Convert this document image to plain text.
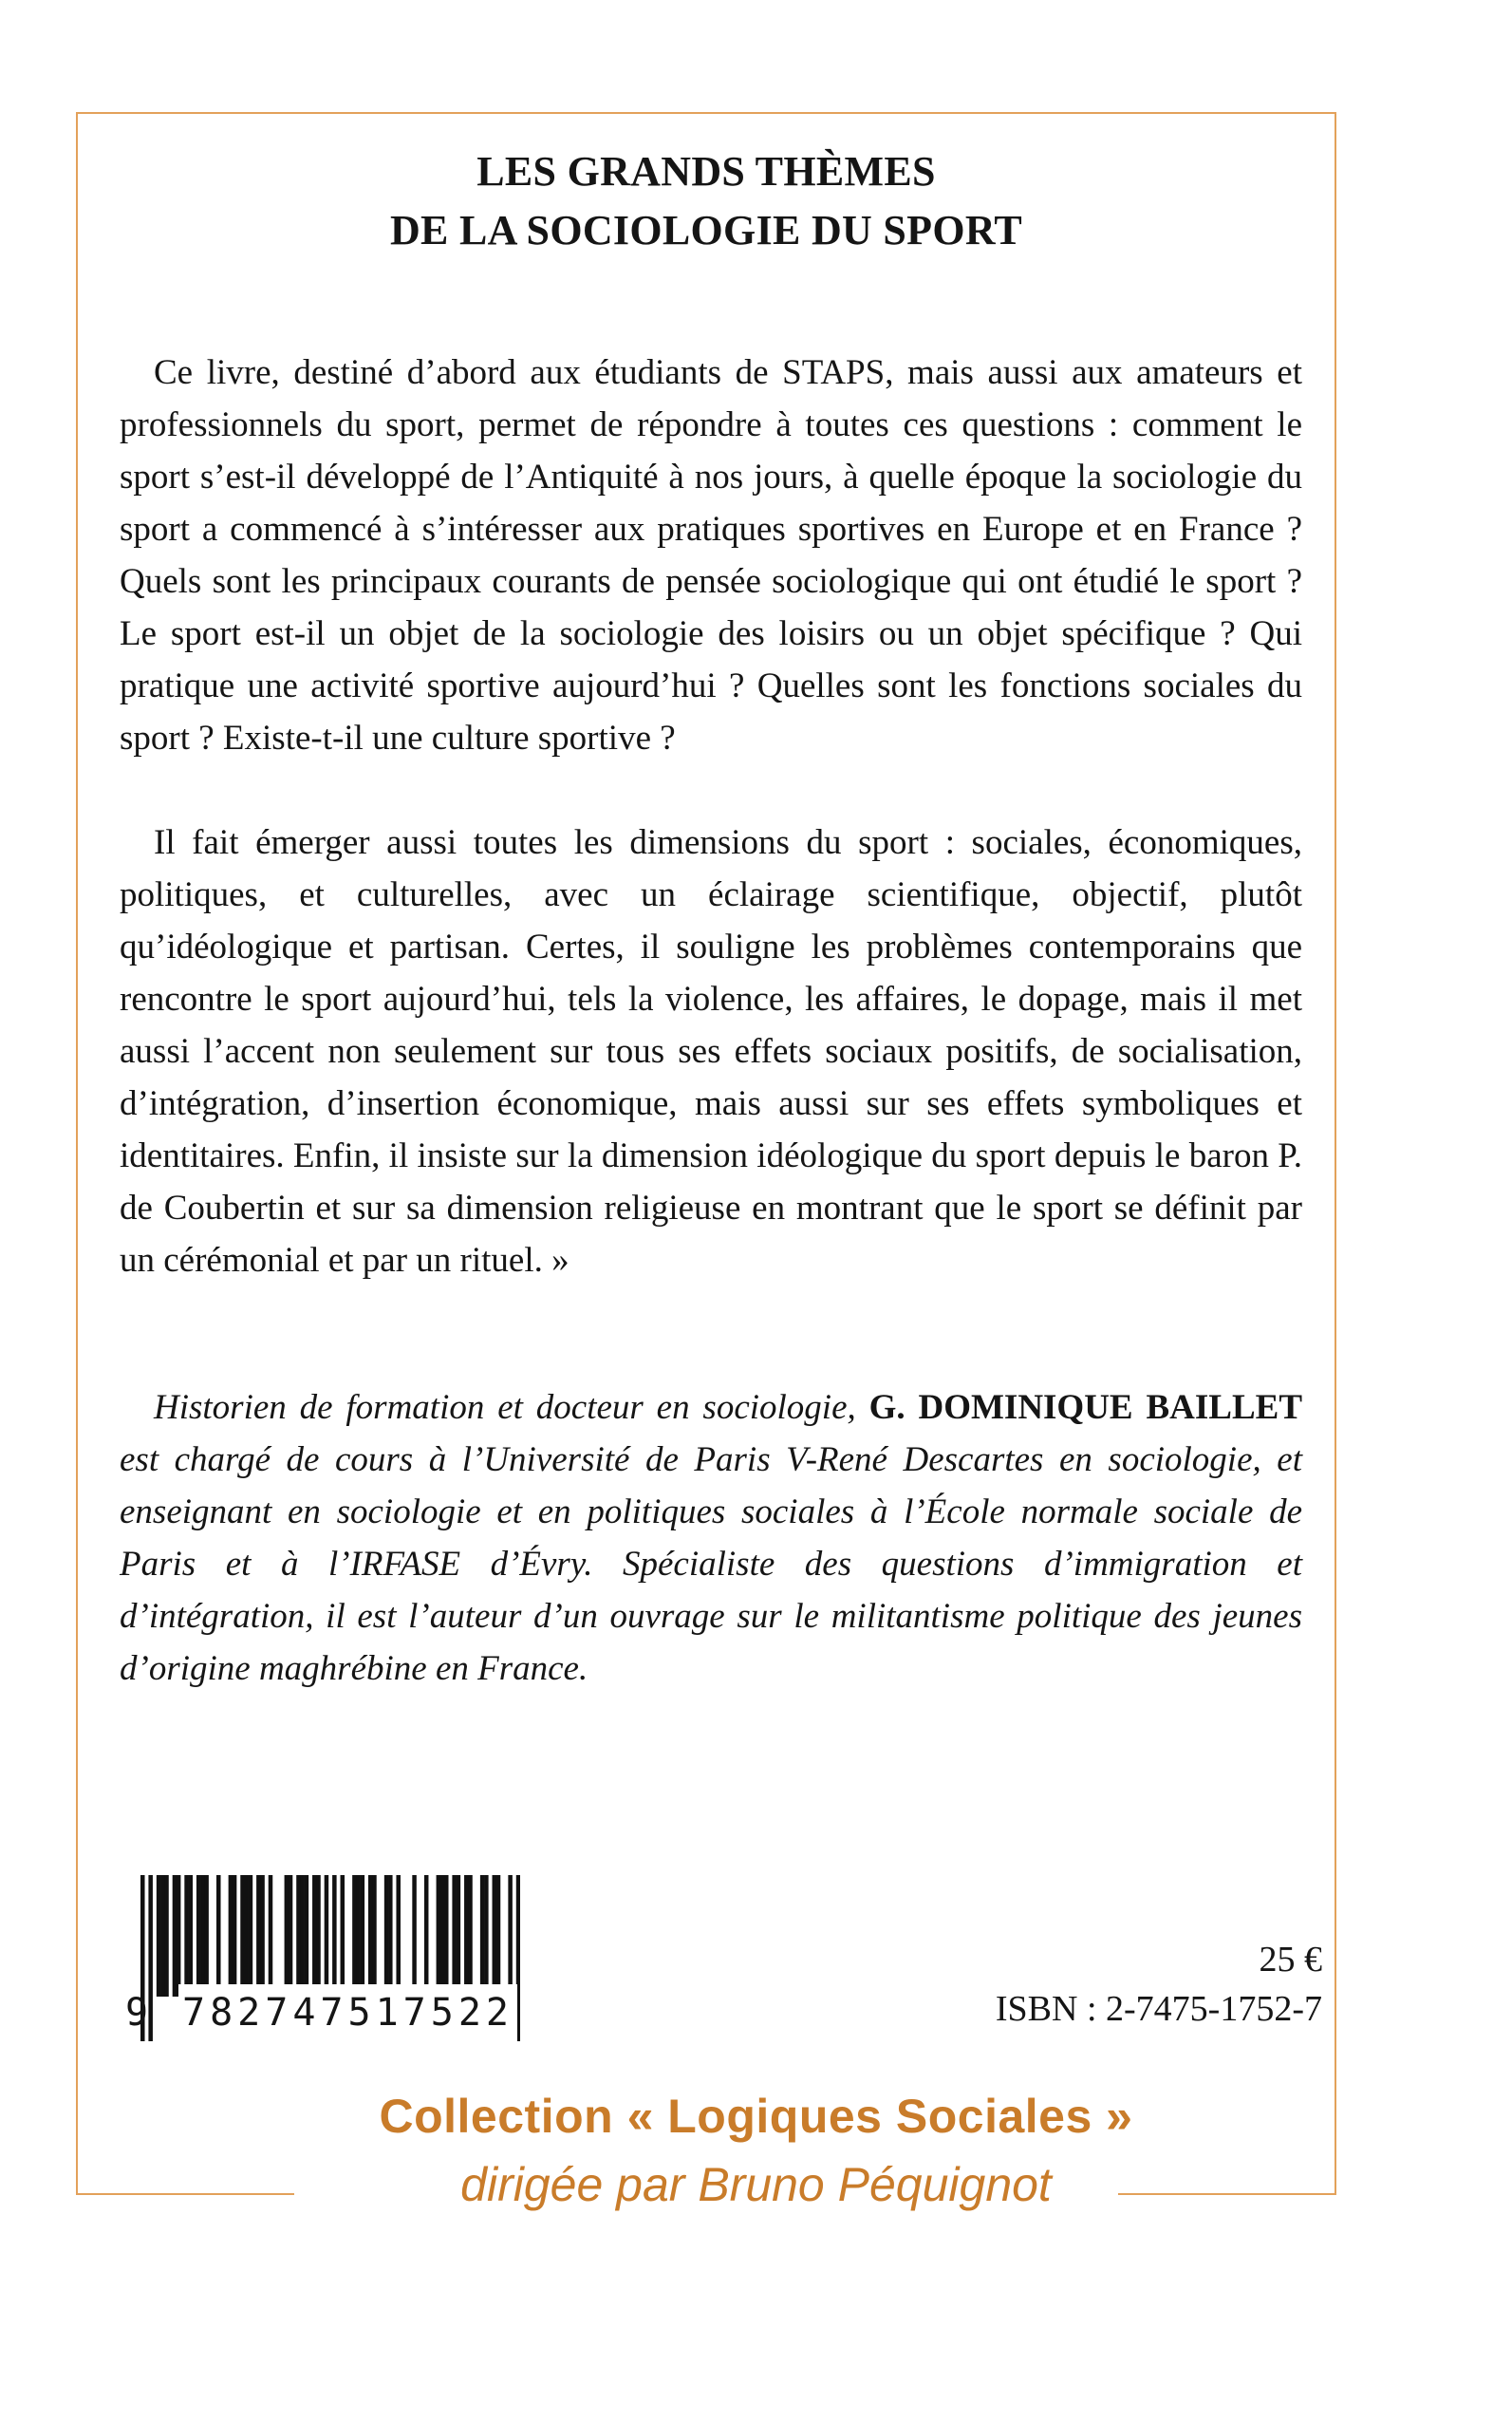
LES GRANDS THÈMES
DE LA SOCIOLOGIE DU SPORT

Ce livre, destiné d’abord aux étudiants de STAPS, mais aussi aux amateurs et professionnels du sport, permet de répondre à toutes ces questions : comment le sport s’est-il développé de l’Antiquité à nos jours, à quelle époque la sociologie du sport a commencé à s’intéresser aux pratiques sportives en Europe et en France ? Quels sont les principaux courants de pensée sociologique qui ont étudié le sport ? Le sport est-il un objet de la sociologie des loisirs ou un objet spécifique ? Qui pratique une activité sportive aujourd’hui ? Quelles sont les fonctions sociales du sport ? Existe-t-il une culture sportive ?

Il fait émerger aussi toutes les dimensions du sport : sociales, économiques, politiques, et culturelles, avec un éclairage scientifique, objectif, plutôt qu’idéologique et partisan. Certes, il souligne les problèmes contemporains que rencontre le sport aujourd’hui, tels la violence, les affaires, le dopage, mais il met aussi l’accent non seulement sur tous ses effets sociaux positifs, de socialisation, d’intégration, d’insertion économique, mais aussi sur ses effets symboliques et identitaires. Enfin, il insiste sur la dimension idéologique du sport depuis le baron P. de Coubertin et sur sa dimension religieuse en montrant que le sport se définit par un cérémonial et par un rituel. »

Historien de formation et docteur en sociologie, G. DOMINIQUE BAILLET est chargé de cours à l’Université de Paris V-René Descartes en sociologie, et enseignant en sociologie et en politiques sociales à l’École normale sociale de Paris et à l’IRFASE d’Évry. Spécialiste des questions d’immigration et d’intégration, il est l’auteur d’un ouvrage sur le militantisme politique des jeunes d’origine maghrébine en France.

9 782747517522
25 €
ISBN : 2-7475-1752-7
Collection « Logiques Sociales »
dirigée par Bruno Péquignot
